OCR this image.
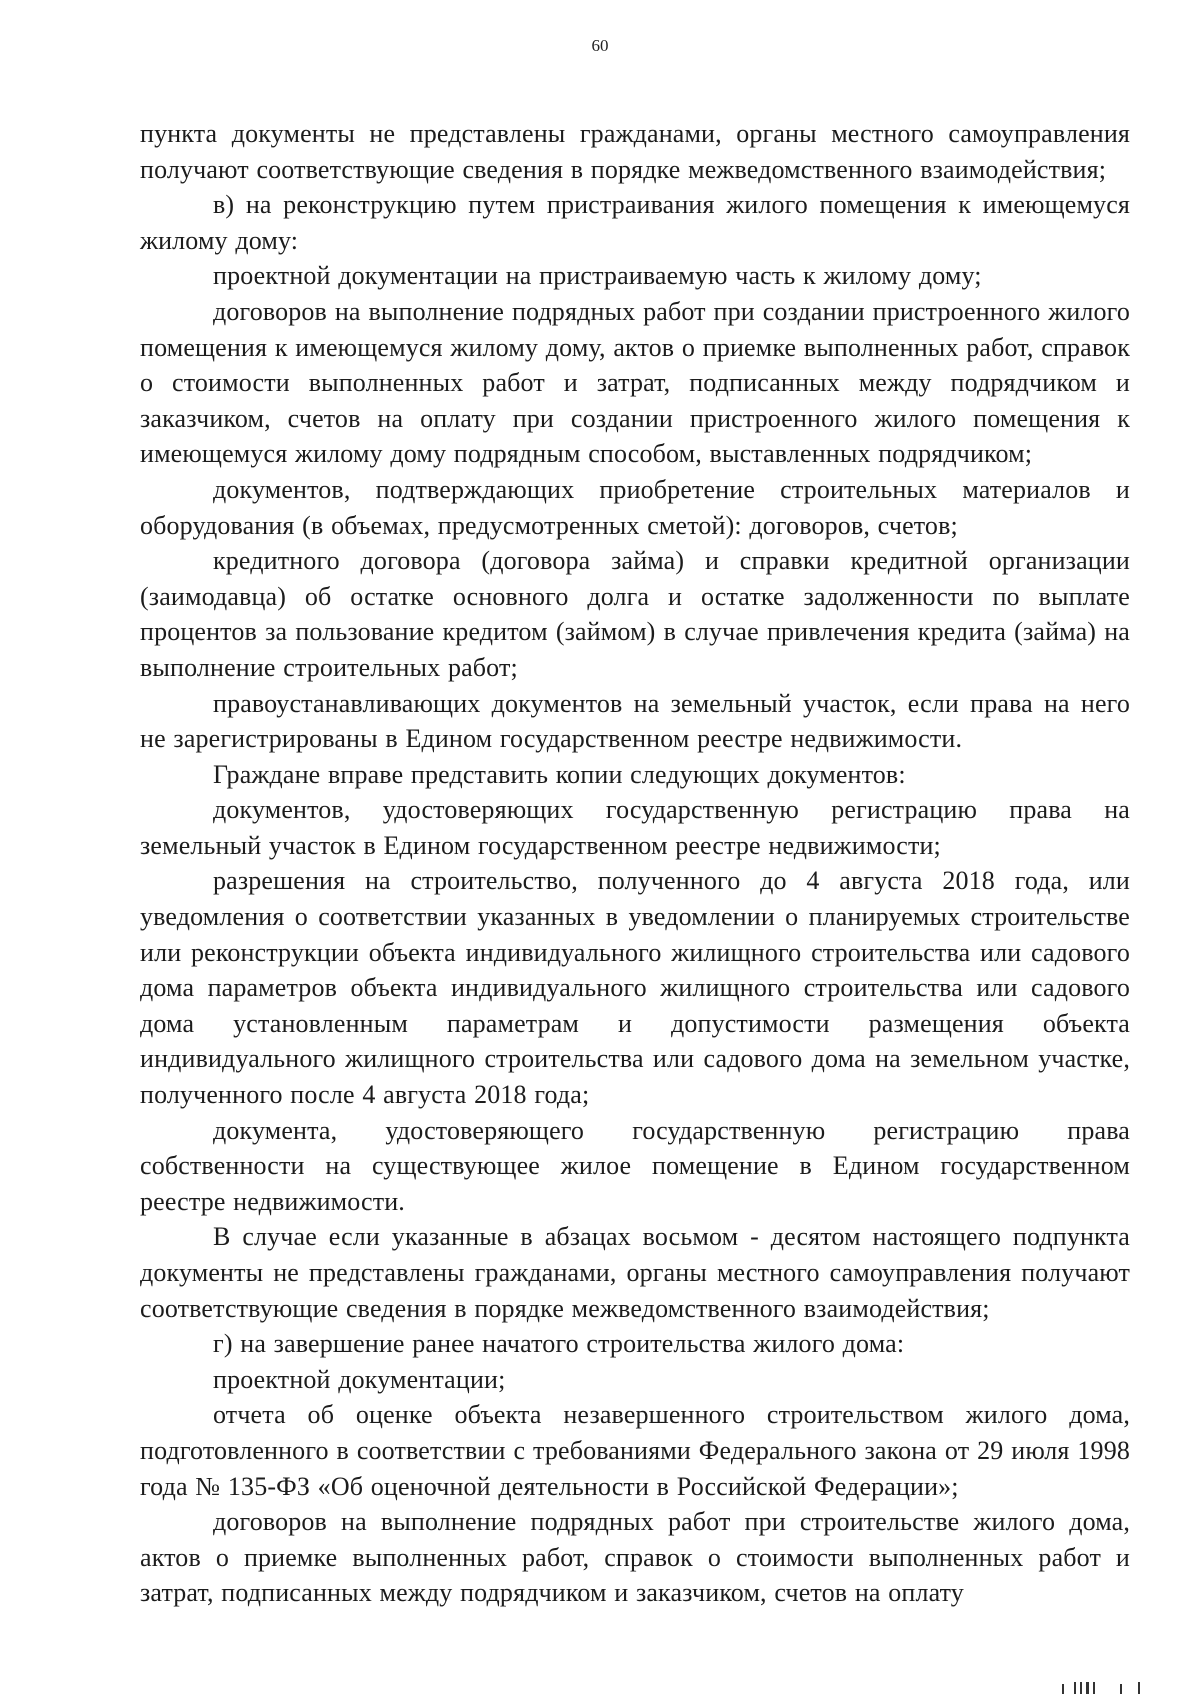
60

пункта документы не представлены гражданами, органы местного самоуправления получают соответствующие сведения в порядке межведомственного взаимодействия;

в) на реконструкцию путем пристраивания жилого помещения к имеющемуся жилому дому:

проектной документации на пристраиваемую часть к жилому дому;

договоров на выполнение подрядных работ при создании пристроенного жилого помещения к имеющемуся жилому дому, актов о приемке выполненных работ, справок о стоимости выполненных работ и затрат, подписанных между подрядчиком и заказчиком, счетов на оплату при создании пристроенного жилого помещения к имеющемуся жилому дому подрядным способом, выставленных подрядчиком;

документов, подтверждающих приобретение строительных материалов и оборудования (в объемах, предусмотренных сметой): договоров, счетов;

кредитного договора (договора займа) и справки кредитной организации (заимодавца) об остатке основного долга и остатке задолженности по выплате процентов за пользование кредитом (займом) в случае привлечения кредита (займа) на выполнение строительных работ;

правоустанавливающих документов на земельный участок, если права на него не зарегистрированы в Едином государственном реестре недвижимости.

Граждане вправе представить копии следующих документов:

документов, удостоверяющих государственную регистрацию права на земельный участок в Едином государственном реестре недвижимости;

разрешения на строительство, полученного до 4 августа 2018 года, или уведомления о соответствии указанных в уведомлении о планируемых строительстве или реконструкции объекта индивидуального жилищного строительства или садового дома параметров объекта индивидуального жилищного строительства или садового дома установленным параметрам и допустимости размещения объекта индивидуального жилищного строительства или садового дома на земельном участке, полученного после 4 августа 2018 года;

документа, удостоверяющего государственную регистрацию права собственности на существующее жилое помещение в Едином государственном реестре недвижимости.

В случае если указанные в абзацах восьмом - десятом настоящего подпункта документы не представлены гражданами, органы местного самоуправления получают соответствующие сведения в порядке межведомственного взаимодействия;

г) на завершение ранее начатого строительства жилого дома:

проектной документации;

отчета об оценке объекта незавершенного строительством жилого дома, подготовленного в соответствии с требованиями Федерального закона от 29 июля 1998 года № 135-ФЗ «Об оценочной деятельности в Российской Федерации»;

договоров на выполнение подрядных работ при строительстве жилого дома, актов о приемке выполненных работ, справок о стоимости выполненных работ и затрат, подписанных между подрядчиком и заказчиком, счетов на оплату
